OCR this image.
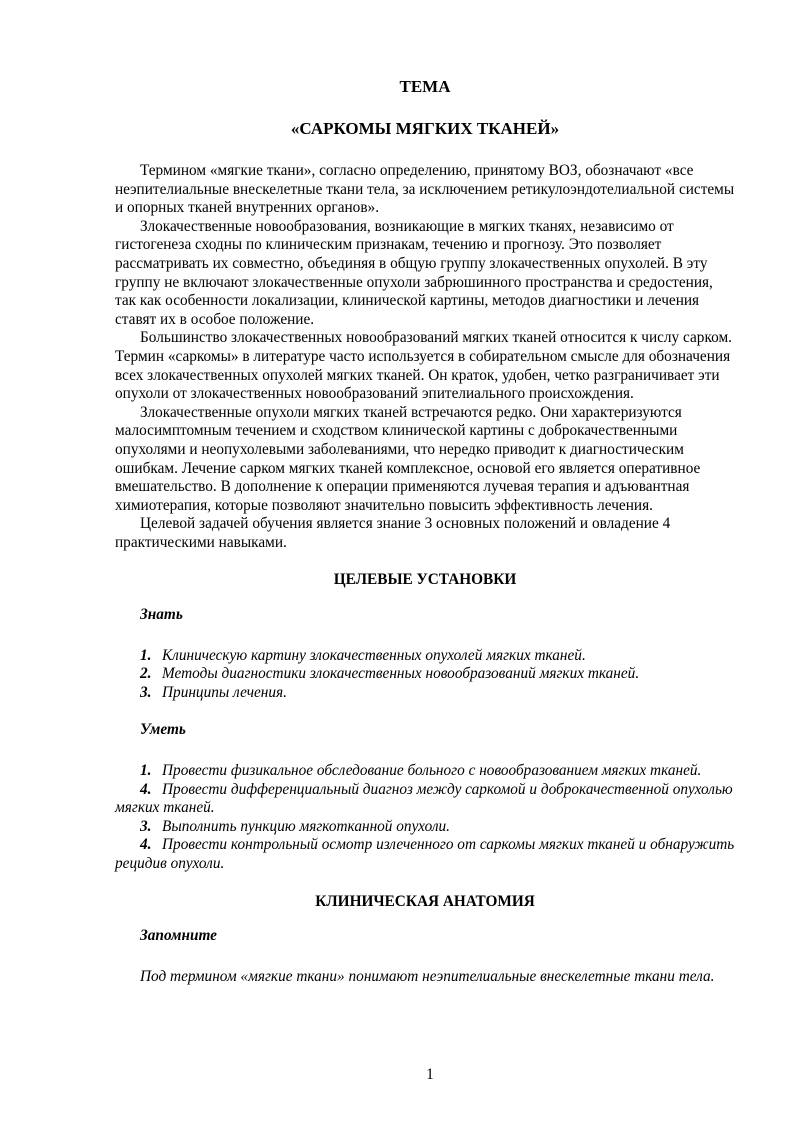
ТЕМА

«САРКОМЫ МЯГКИХ ТКАНЕЙ»

Термином «мягкие ткани», согласно определению, принятому ВОЗ, обозначают «все неэпителиальные внескелетные ткани тела, за исключением ретикулоэндотелиальной системы и опорных тканей внутренних органов».

Злокачественные новообразования, возникающие в мягких тканях, независимо от гистогенеза сходны по клиническим признакам, течению и прогнозу. Это позволяет рассматривать их совместно, объединяя в общую группу злокачественных опухолей. В эту группу не включают злокачественные опухоли забрюшинного пространства и средостения, так как особенности локализации, клинической картины, методов диагностики и лечения ставят их в особое положение.

Большинство злокачественных новообразований мягких тканей относится к числу сарком. Термин «саркомы» в литературе часто используется в собирательном смысле для обозначения всех злокачественных опухолей мягких тканей. Он краток, удобен, четко разграничивает эти опухоли от злокачественных новообразований эпителиального происхождения.

Злокачественные опухоли мягких тканей встречаются редко. Они характеризуются малосимптомным течением и сходством клинической картины с доброкачественными опухолями и неопухолевыми заболеваниями, что нередко приводит к диагностическим ошибкам. Лечение сарком мягких тканей комплексное, основой его является оперативное вмешательство. В дополнение к операции применяются лучевая терапия и адъювантная химиотерапия, которые позволяют значительно повысить эффективность лечения.

Целевой задачей обучения является знание 3 основных положений и овладение 4 практическими навыками.

ЦЕЛЕВЫЕ УСТАНОВКИ

Знать

1. Клиническую картину злокачественных опухолей мягких тканей.

2. Методы диагностики злокачественных новообразований мягких тканей.

3. Принципы лечения.

Уметь

1. Провести физикальное обследование больного с новообразованием мягких тканей.

4. Провести дифференциальный диагноз между саркомой и доброкачественной опухолью мягких тканей.

3. Выполнить пункцию мягкотканной опухоли.

4. Провести контрольный осмотр излеченного от саркомы мягких тканей и обнаружить рецидив опухоли.

КЛИНИЧЕСКАЯ АНАТОМИЯ

Запомните

Под термином «мягкие ткани» понимают неэпителиальные внескелетные ткани тела.

1
